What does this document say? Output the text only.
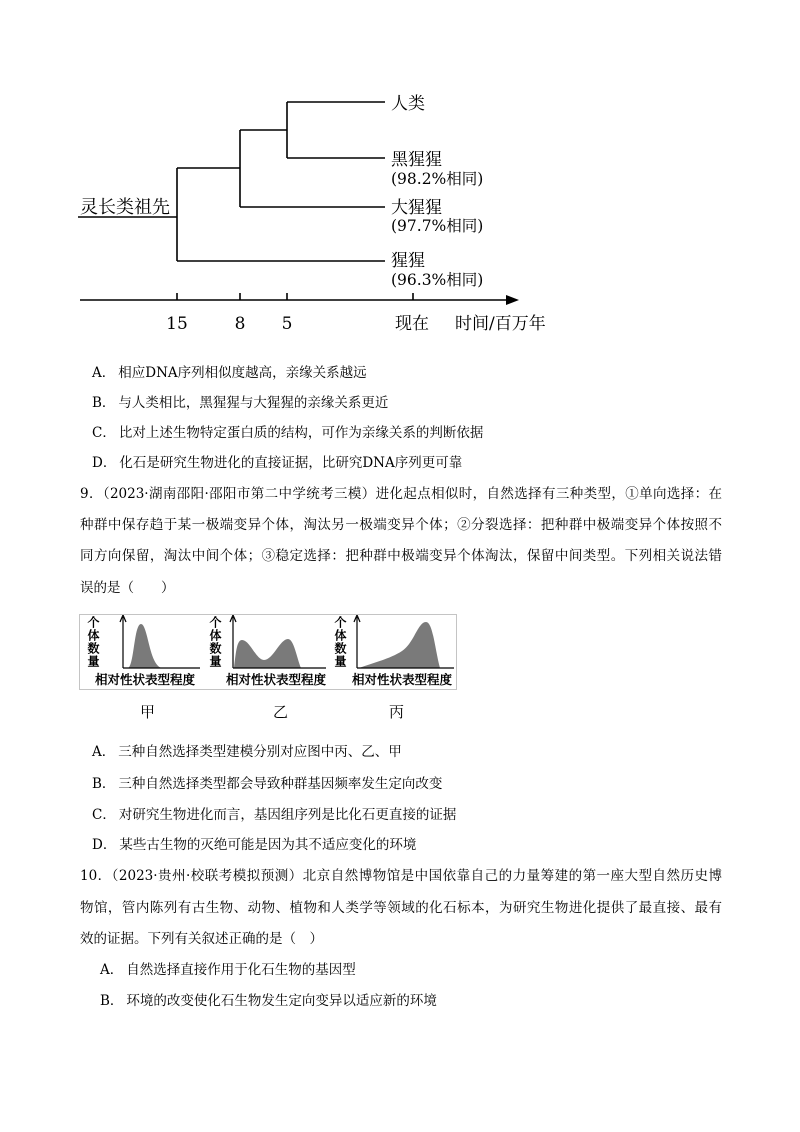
灵长类祖先
人类
黑猩猩
(98.2%相同)
大猩猩
(97.7%相同)
猩猩
(96.3%相同)
15	8 5	现在 时间/百万年
A． 相应DNA序列相似度越高，亲缘关系越远
B． 与人类相比，黑猩猩与大猩猩的亲缘关系更近
C． 比对上述生物特定蛋白质的结构，可作为亲缘关系的判断依据
D． 化石是研究生物进化的直接证据，比研究DNA序列更可靠
9．（2023·湖南邵阳·邵阳市第二中学统考三模）进化起点相似时，自然选择有三种类型，①单向选择：在
种群中保存趋于某一极端变异个体，淘汰另一极端变异个体；②分裂选择：把种群中极端变异个体按照不
同方向保留，淘汰中间个体；③稳定选择：把种群中极端变异个体淘汰，保留中间类型。下列相关说法错
误的是（　　）
个体数量	个体数量	个体数量
相对性状表型程度 相对性状表型程度 相对性状表型程度
甲	乙	丙
A． 三种自然选择类型建模分别对应图中丙、乙、甲
B． 三种自然选择类型都会导致种群基因频率发生定向改变
C． 对研究生物进化而言，基因组序列是比化石更直接的证据
D． 某些古生物的灭绝可能是因为其不适应变化的环境
10．（2023·贵州·校联考模拟预测）北京自然博物馆是中国依靠自己的力量筹建的第一座大型自然历史博
物馆，管内陈列有古生物、动物、植物和人类学等领域的化石标本，为研究生物进化提供了最直接、最有
效的证据。下列有关叙述正确的是（　）
A． 自然选择直接作用于化石生物的基因型
B． 环境的改变使化石生物发生定向变异以适应新的环境
